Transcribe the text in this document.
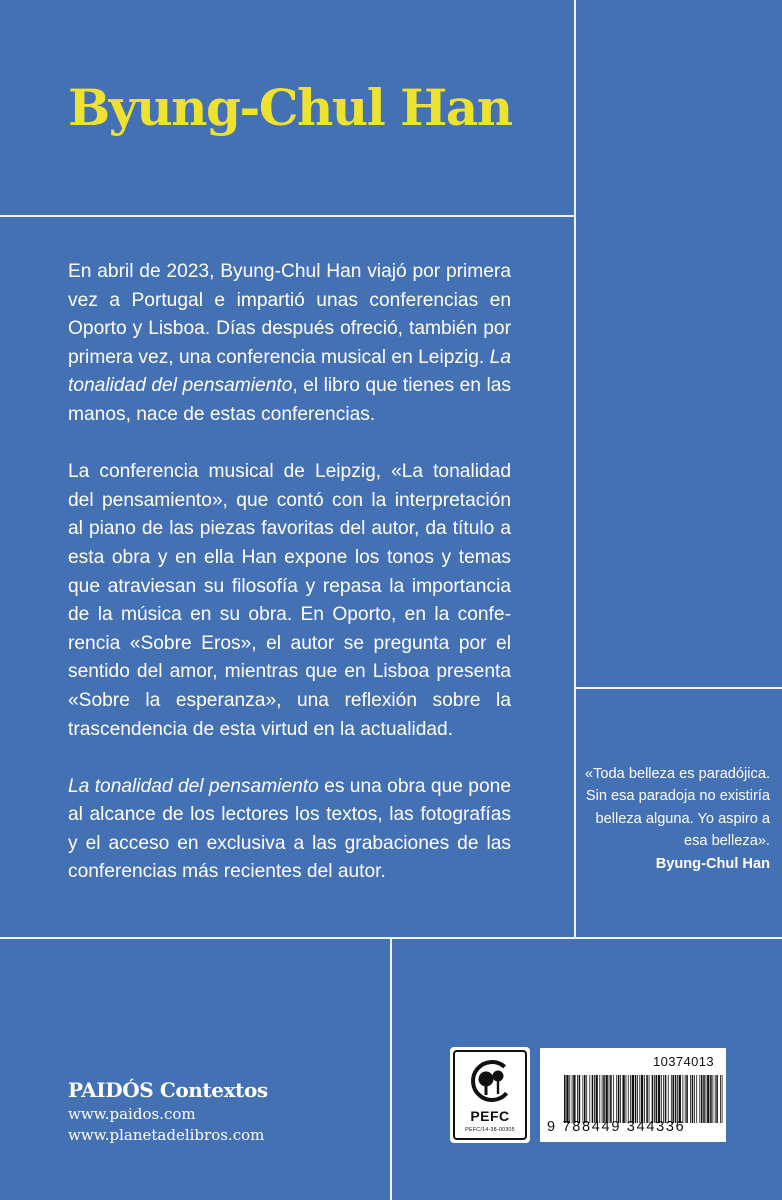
Byung-Chul Han

En abril de 2023, Byung-Chul Han viajó por primera vez a Portugal e impartió unas conferencias en Oporto y Lisboa. Días después ofreció, también por primera vez, una conferencia musical en Leipzig. La tonalidad del pensamiento, el libro que tienes en las manos, nace de estas conferencias.

La conferencia musical de Leipzig, «La tonalidad del pensamiento», que contó con la interpretación al piano de las piezas favoritas del autor, da título a esta obra y en ella Han expone los tonos y temas que atraviesan su filosofía y repasa la importancia de la música en su obra. En Oporto, en la conferencia «Sobre Eros», el autor se pregunta por el sentido del amor, mientras que en Lisboa presenta «Sobre la esperanza», una reflexión sobre la trascendencia de esta virtud en la actualidad.

La tonalidad del pensamiento es una obra que pone al alcance de los lectores los textos, las fotografías y el acceso en exclusiva a las grabaciones de las conferencias más recientes del autor.

«Toda belleza es paradójica.
Sin esa paradoja no existiría
belleza alguna. Yo aspiro a
esa belleza».
Byung-Chul Han
PAIDÓS Contextos
www.paidos.com
www.planetadelibros.com
PEFC
PEFC/14-38-00305
10374013
9 788449 344336
